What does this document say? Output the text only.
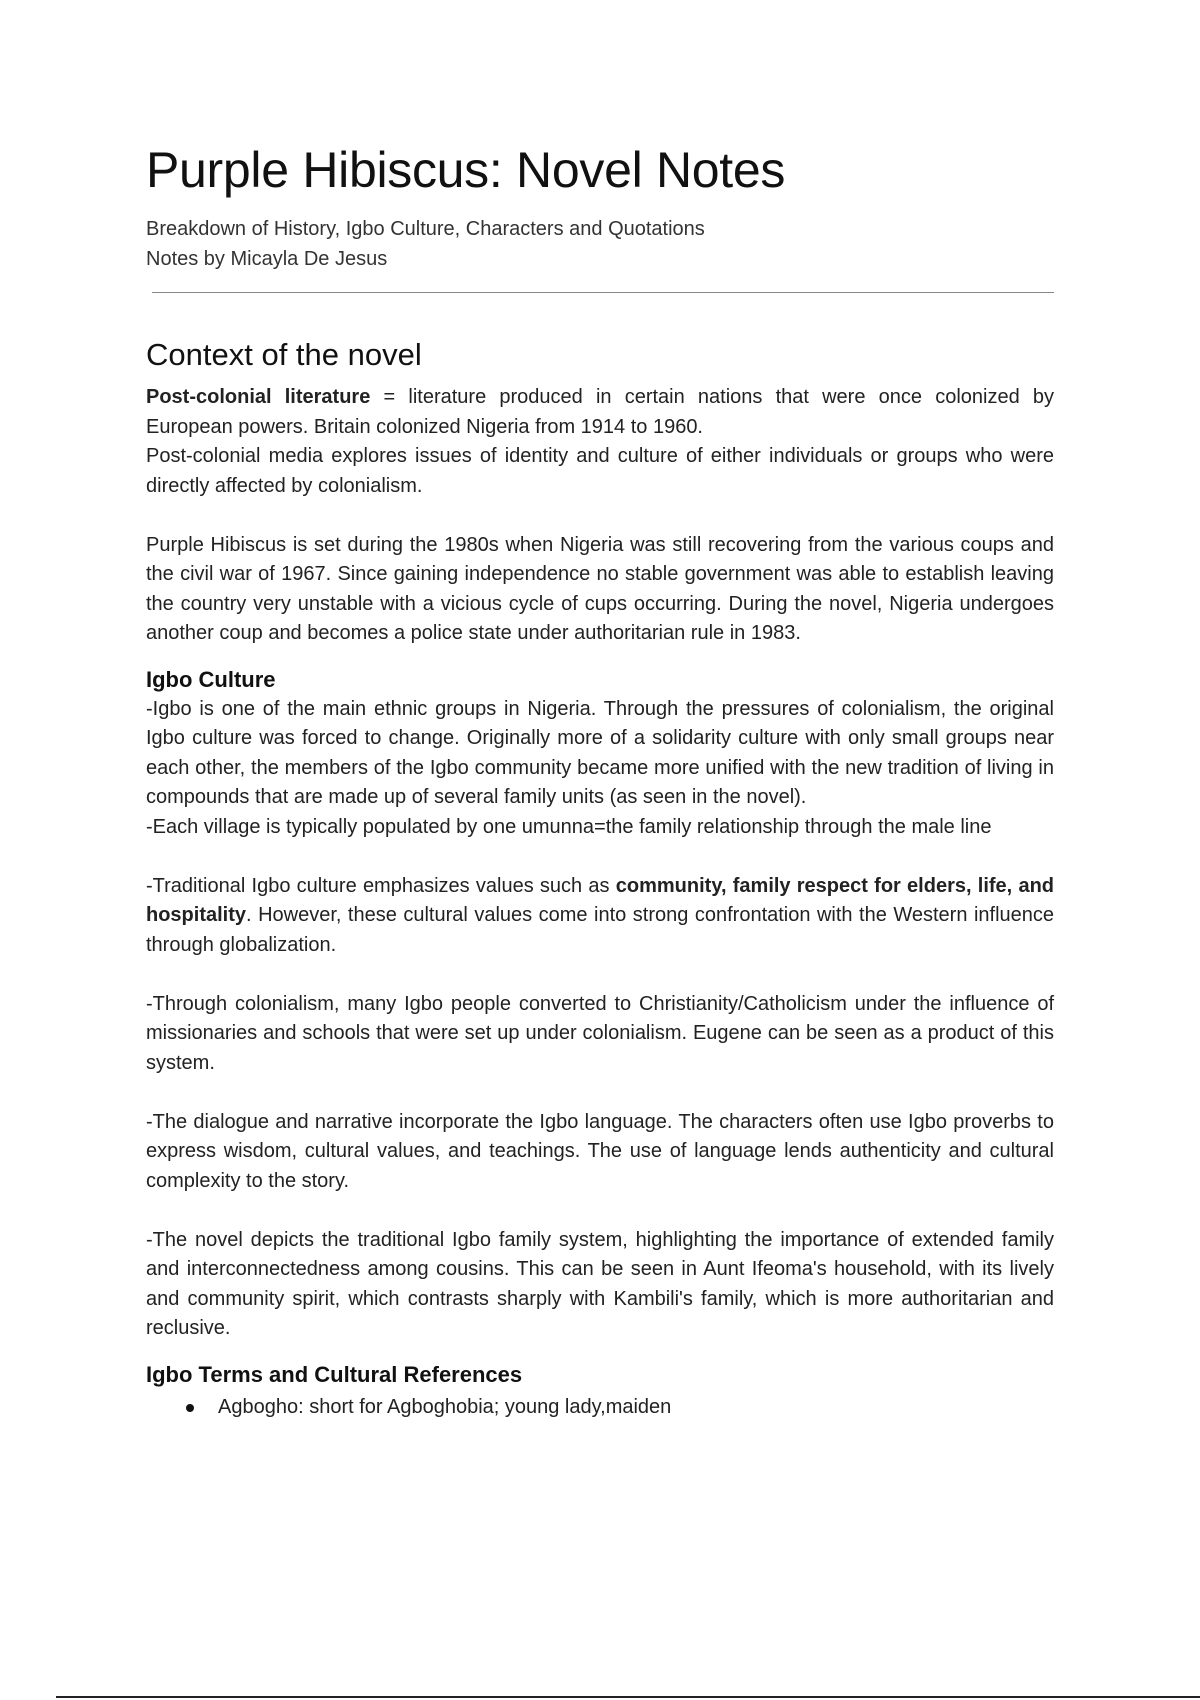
Purple Hibiscus: Novel Notes
Breakdown of History, Igbo Culture, Characters and Quotations
Notes by Micayla De Jesus
Context of the novel

Post-colonial literature = literature produced in certain nations that were once colonized by European powers. Britain colonized Nigeria from 1914 to 1960.

Post-colonial media explores issues of identity and culture of either individuals or groups who were directly affected by colonialism.

Purple Hibiscus is set during the 1980s when Nigeria was still recovering from the various coups and the civil war of 1967. Since gaining independence no stable government was able to establish leaving the country very unstable with a vicious cycle of cups occurring. During the novel, Nigeria undergoes another coup and becomes a police state under authoritarian rule in 1983.

Igbo Culture

-Igbo is one of the main ethnic groups in Nigeria. Through the pressures of colonialism, the original Igbo culture was forced to change. Originally more of a solidarity culture with only small groups near each other, the members of the Igbo community became more unified with the new tradition of living in compounds that are made up of several family units (as seen in the novel).

-Each village is typically populated by one umunna=the family relationship through the male line

-Traditional Igbo culture emphasizes values such as community, family respect for elders, life, and hospitality. However, these cultural values come into strong confrontation with the Western influence through globalization.

-Through colonialism, many Igbo people converted to Christianity/Catholicism under the influence of missionaries and schools that were set up under colonialism. Eugene can be seen as a product of this system.

-The dialogue and narrative incorporate the Igbo language. The characters often use Igbo proverbs to express wisdom, cultural values, and teachings. The use of language lends authenticity and cultural complexity to the story.

-The novel depicts the traditional Igbo family system, highlighting the importance of extended family and interconnectedness among cousins. This can be seen in Aunt Ifeoma's household, with its lively and community spirit, which contrasts sharply with Kambili's family, which is more authoritarian and reclusive.

Igbo Terms and Cultural References
Agbogho: short for Agboghobia; young lady,maiden
